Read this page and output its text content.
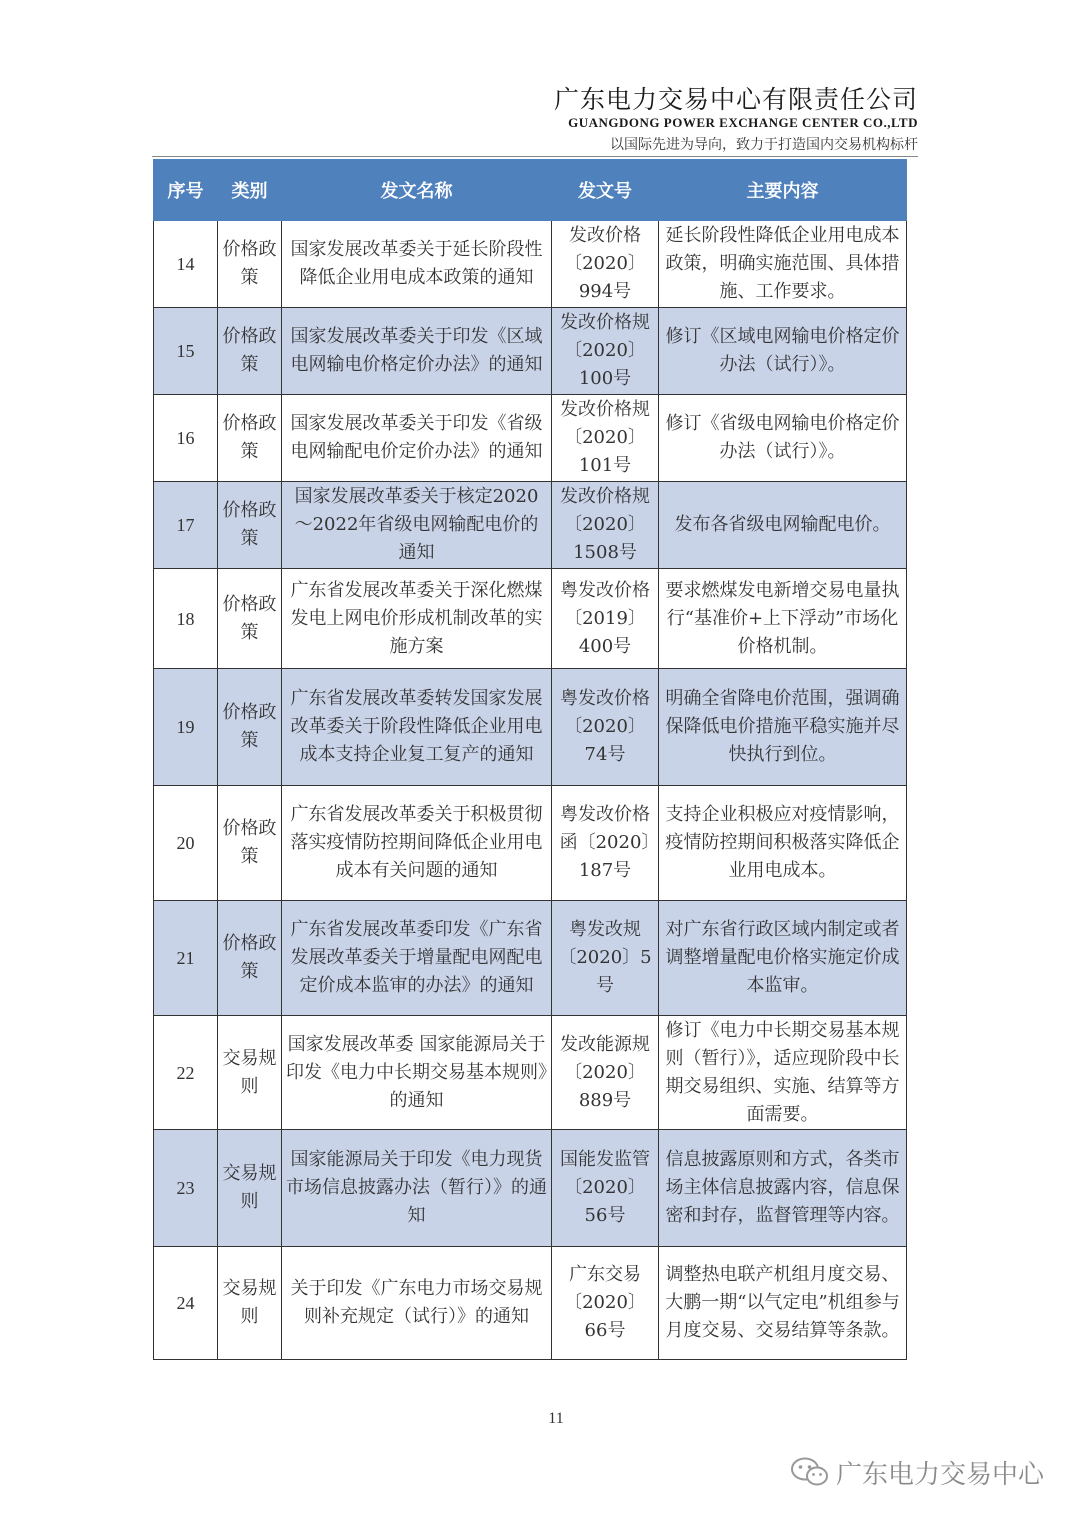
广东电力交易中心有限责任公司
GUANGDONG POWER EXCHANGE CENTER CO.,LTD
以国际先进为导向，致力于打造国内交易机构标杆
序号	类别	发文名称	发文号	主要内容
14	价格政策	国家发展改革委关于延长阶段性降低企业用电成本政策的通知	发改价格〔2020〕994号	延长阶段性降低企业用电成本政策，明确实施范围、具体措施、工作要求。
15	价格政策	国家发展改革委关于印发《区域电网输电价格定价办法》的通知	发改价格规〔2020〕100号	修订《区域电网输电价格定价办法（试行）》。
16	价格政策	国家发展改革委关于印发《省级电网输配电价定价办法》的通知	发改价格规〔2020〕101号	修订《省级电网输电价格定价办法（试行）》。
17	价格政策	国家发展改革委关于核定2020～2022年省级电网输配电价的通知	发改价格规〔2020〕1508号	发布各省级电网输配电价。
18	价格政策	广东省发展改革委关于深化燃煤发电上网电价形成机制改革的实施方案	粤发改价格〔2019〕400号	要求燃煤发电新增交易电量执行“基准价+上下浮动”市场化价格机制。
19	价格政策	广东省发展改革委转发国家发展改革委关于阶段性降低企业用电成本支持企业复工复产的通知	粤发改价格〔2020〕74号	明确全省降电价范围，强调确保降低电价措施平稳实施并尽快执行到位。
20	价格政策	广东省发展改革委关于积极贯彻落实疫情防控期间降低企业用电成本有关问题的通知	粤发改价格函〔2020〕187号	支持企业积极应对疫情影响，疫情防控期间积极落实降低企业用电成本。
21	价格政策	广东省发展改革委印发《广东省发展改革委关于增量配电网配电定价成本监审的办法》的通知	粤发改规〔2020〕5号	对广东省行政区域内制定或者调整增量配电价格实施定价成本监审。
22	交易规则	国家发展改革委 国家能源局关于印发《电力中长期交易基本规则》的通知	发改能源规〔2020〕889号	修订《电力中长期交易基本规则（暂行）》，适应现阶段中长期交易组织、实施、结算等方面需要。
23	交易规则	国家能源局关于印发《电力现货市场信息披露办法（暂行）》的通知	国能发监管〔2020〕56号	信息披露原则和方式，各类市场主体信息披露内容，信息保密和封存，监督管理等内容。
24	交易规则	关于印发《广东电力市场交易规则补充规定（试行）》的通知	广东交易〔2020〕66号	调整热电联产机组月度交易、大鹏一期“以气定电”机组参与月度交易、交易结算等条款。
11
广东电力交易中心
